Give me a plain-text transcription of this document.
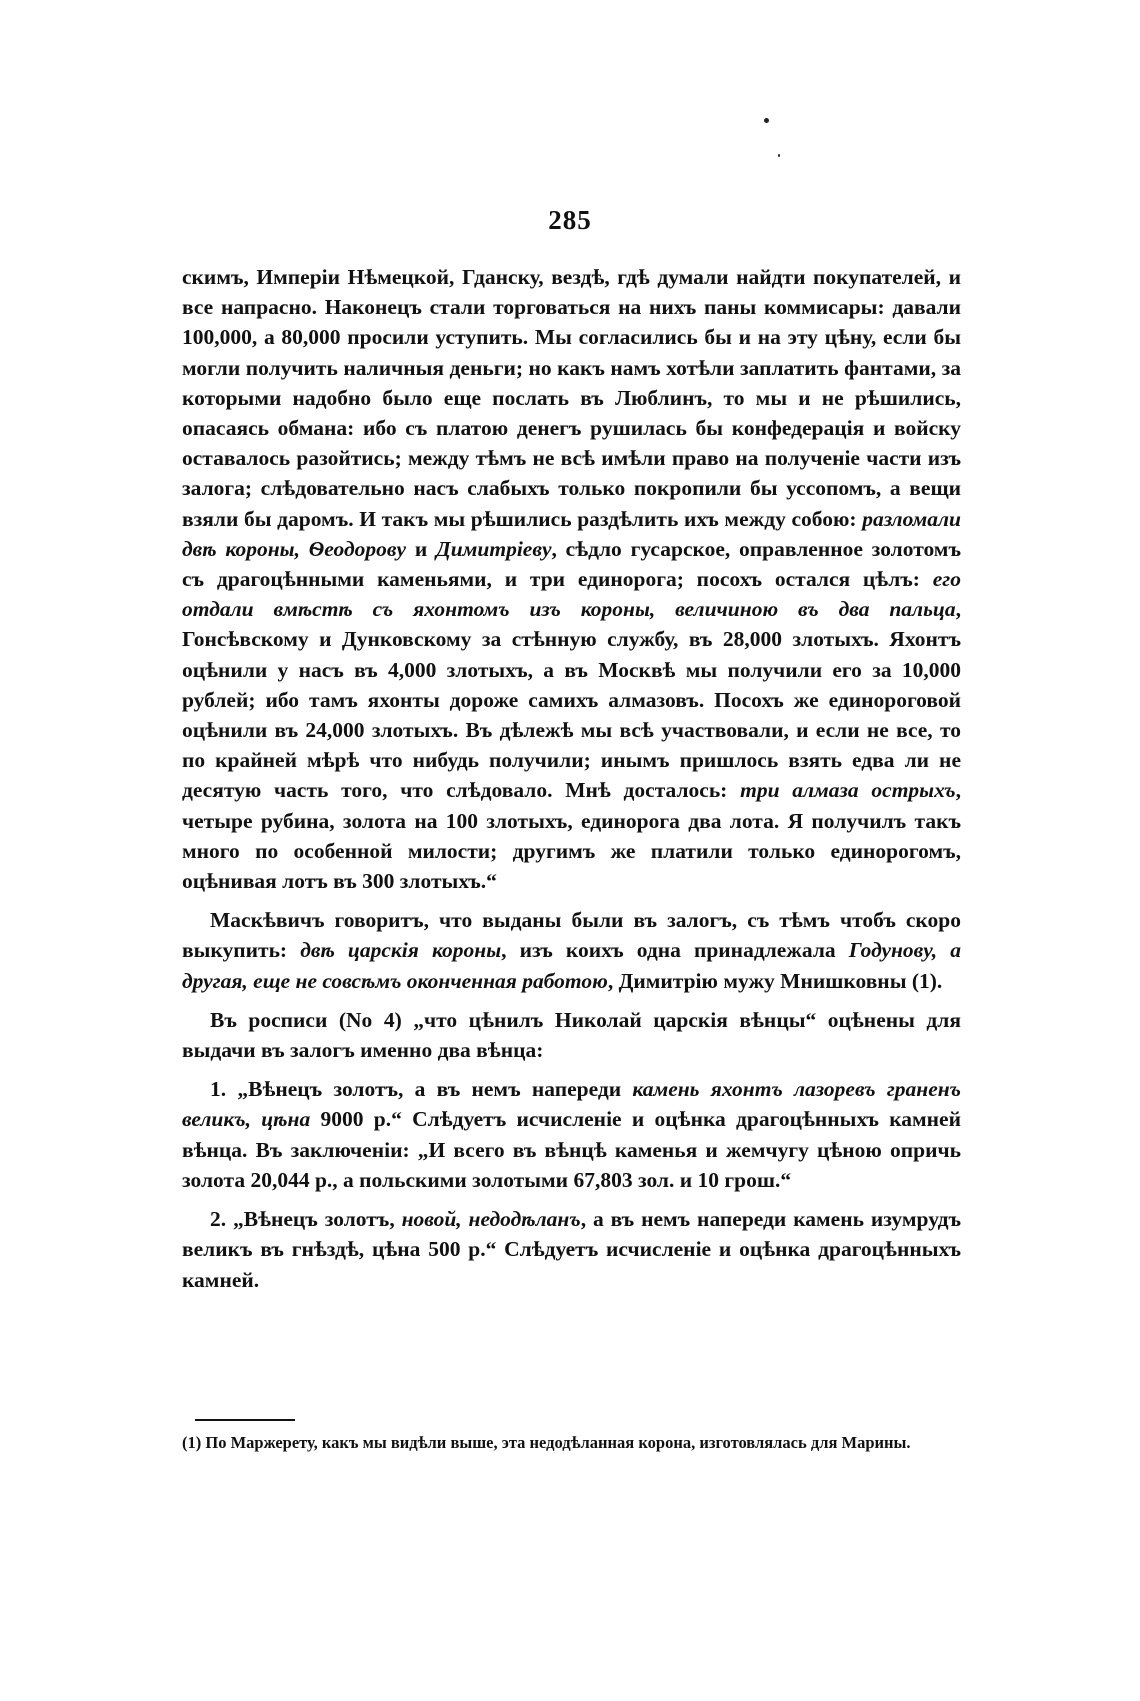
285

скимъ, Имперіи Нѣмецкой, Гданску, вездѣ, гдѣ думали найдти покупателей, и все напрасно. Наконецъ стали торговаться на нихъ паны коммисары: давали 100,000, а 80,000 просили уступить. Мы согласились бы и на эту цѣну, если бы могли получить наличныя деньги; но какъ намъ хотѣли заплатить фантами, за которыми надобно было еще послать въ Люблинъ, то мы и не рѣшились, опасаясь обмана: ибо съ платою денегъ рушилась бы конфедерація и войску оставалось разойтись; между тѣмъ не всѣ имѣли право на полученіе части изъ залога; слѣдовательно насъ слабыхъ только покропили бы уссопомъ, а вещи взяли бы даромъ. И такъ мы рѣшились раздѣлить ихъ между собою: разломали двѣ короны, Ѳеодорову и Димитріеву, сѣдло гусарское, оправленное золотомъ съ драгоцѣнными каменьями, и три единорога; посохъ остался цѣлъ: его отдали вмѣстѣ съ яхонтомъ изъ короны, величиною въ два пальца, Гонсѣвскому и Дунковскому за стѣнную службу, въ 28,000 злотыхъ. Яхонтъ оцѣнили у насъ въ 4,000 злотыхъ, а въ Москвѣ мы получили его за 10,000 рублей; ибо тамъ яхонты дороже самихъ алмазовъ. Посохъ же единороговой оцѣнили въ 24,000 злотыхъ. Въ дѣлежѣ мы всѣ участвовали, и если не все, то по крайней мѣрѣ что нибудь получили; инымъ пришлось взять едва ли не десятую часть того, что слѣдовало. Мнѣ досталось: три алмаза острыхъ, четыре рубина, золота на 100 злотыхъ, единорога два лота. Я получилъ такъ много по особенной милости; другимъ же платили только единорогомъ, оцѣнивая лотъ въ 300 злотыхъ.“

Маскѣвичъ говоритъ, что выданы были въ залогъ, съ тѣмъ чтобъ скоро выкупить: двѣ царскія короны, изъ коихъ одна принадлежала Годунову, а другая, еще не совсѣмъ оконченная работою, Димитрію мужу Мнишковны (1).

Въ росписи (No 4) „что цѣнилъ Николай царскія вѣнцы“ оцѣнены для выдачи въ залогъ именно два вѣнца:

1. „Вѣнецъ золотъ, а въ немъ напереди камень яхонтъ лазоревъ граненъ великъ, цѣна 9000 р.“ Слѣдуетъ исчисленіе и оцѣнка драгоцѣнныхъ камней вѣнца. Въ заключеніи: „И всего въ вѣнцѣ каменья и жемчугу цѣною опричь золота 20,044 р., а польскими золотыми 67,803 зол. и 10 грош.“

2. „Вѣнецъ золотъ, новой, недодѣланъ, а въ немъ напереди камень изумрудъ великъ въ гнѣздѣ, цѣна 500 р.“ Слѣдуетъ исчисленіе и оцѣнка драгоцѣнныхъ камней.

(1) По Маржерету, какъ мы видѣли выше, эта недодѣланная корона, изготовлялась для Марины.
